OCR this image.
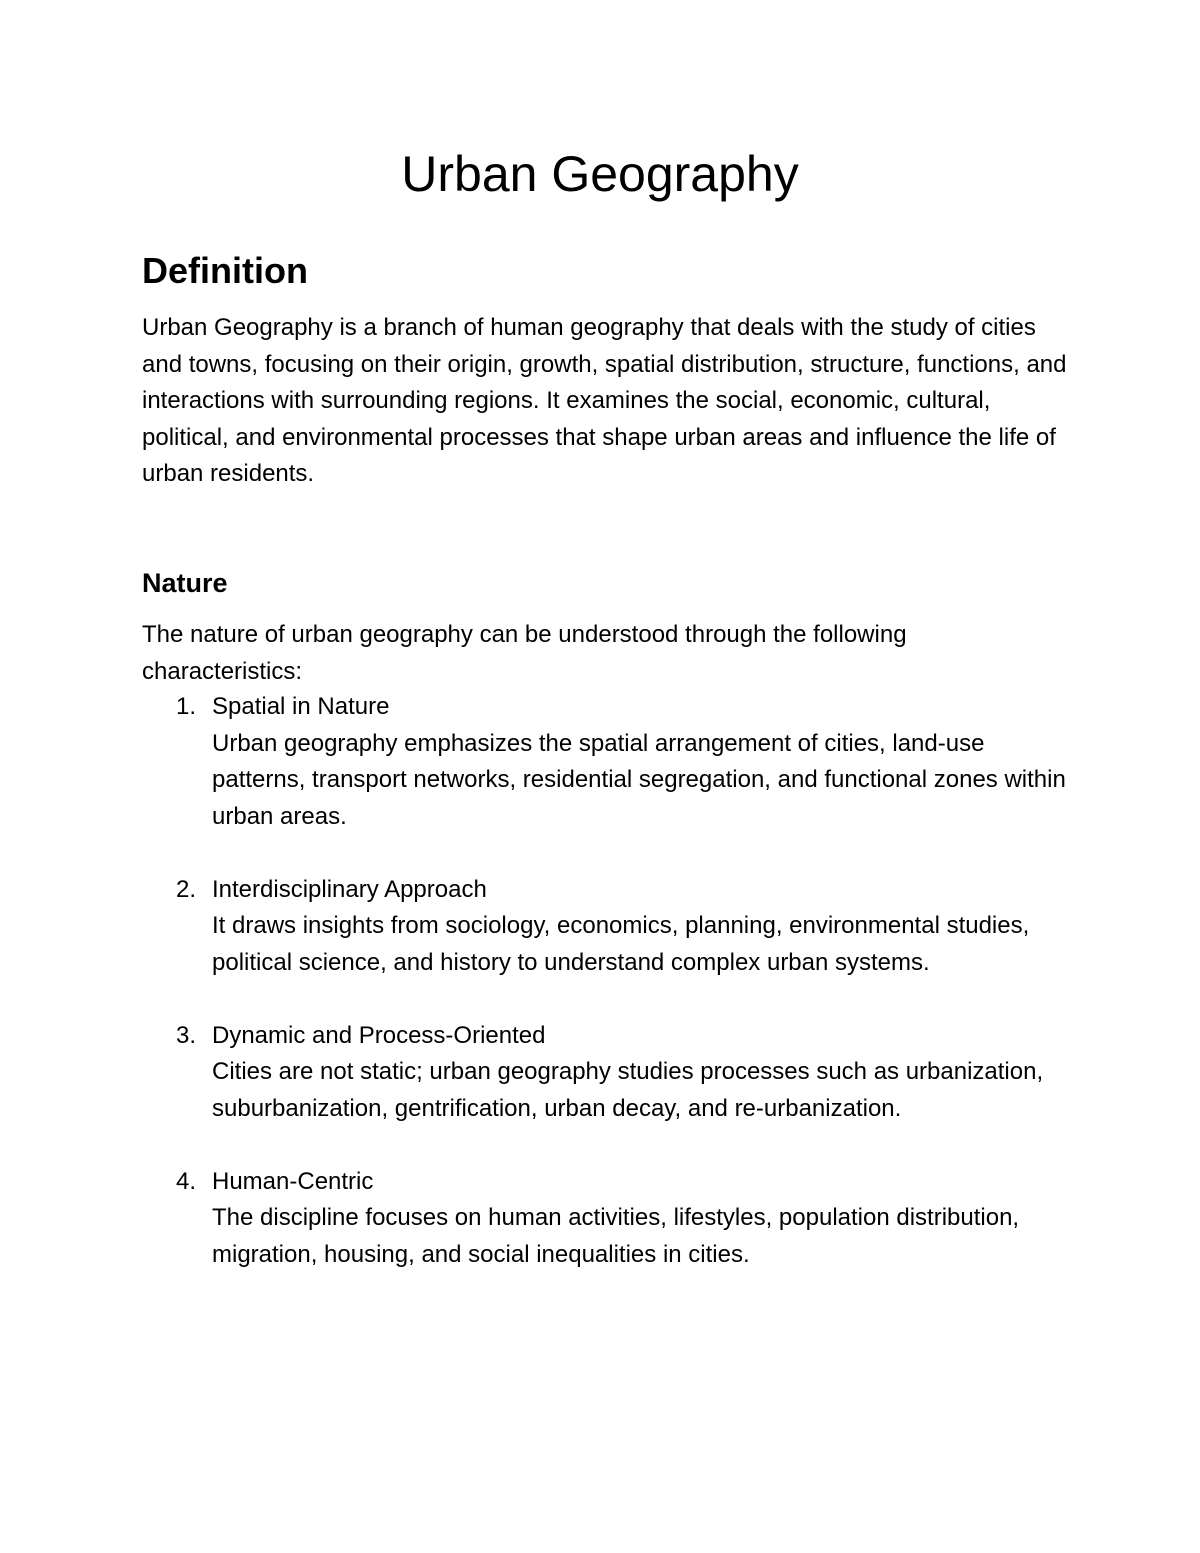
Urban Geography
Definition

Urban Geography is a branch of human geography that deals with the study of cities and towns, focusing on their origin, growth, spatial distribution, structure, functions, and interactions with surrounding regions. It examines the social, economic, cultural, political, and environmental processes that shape urban areas and influence the life of urban residents.

Nature

The nature of urban geography can be understood through the following characteristics:

1. Spatial in Nature
Urban geography emphasizes the spatial arrangement of cities, land-use patterns, transport networks, residential segregation, and functional zones within urban areas.
2. Interdisciplinary Approach
It draws insights from sociology, economics, planning, environmental studies, political science, and history to understand complex urban systems.
3. Dynamic and Process-Oriented
Cities are not static; urban geography studies processes such as urbanization, suburbanization, gentrification, urban decay, and re-urbanization.
4. Human-Centric
The discipline focuses on human activities, lifestyles, population distribution, migration, housing, and social inequalities in cities.
